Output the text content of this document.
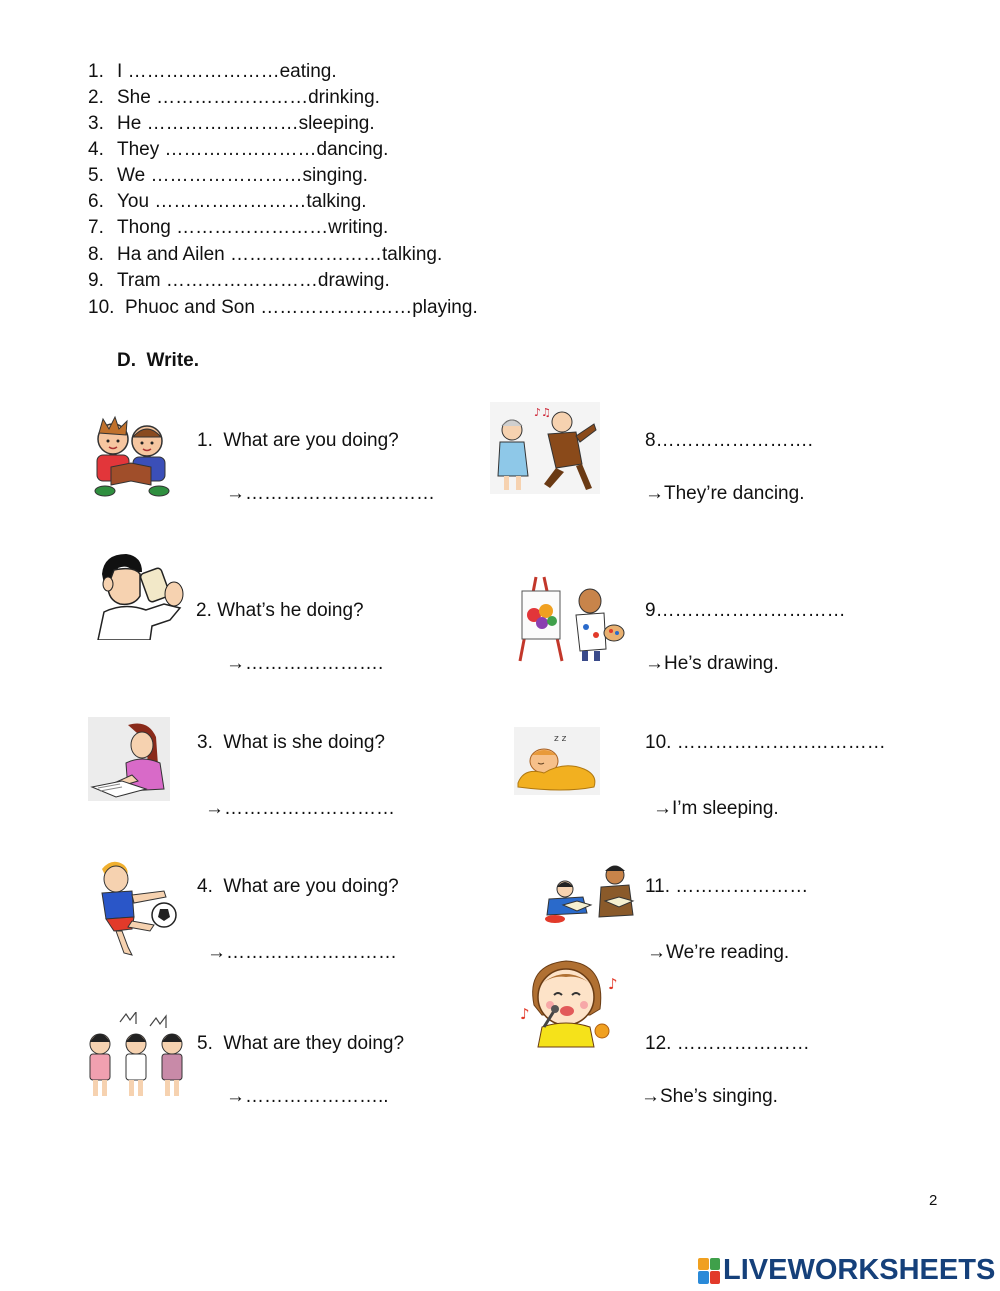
1. I ……………………eating.
2. She ……………………drinking.
3. He ……………………sleeping.
4. They ……………………dancing.
5. We ……………………singing.
6. You ……………………talking.
7. Thong ……………………writing.
8. Ha and Ailen ……………………talking.
9. Tram ……………………drawing.
10. Phuoc and Son ……………………playing.
D.  Write.
1.  What are you doing?
→…………………………
2. What’s he doing?
→………………….
3.  What is she doing?
→………………………
4.  What are you doing?
→………………………
5.  What are they doing?
→…………………..
♪♫
8…………………….
→They’re dancing.
9…………………………
→He’s drawing.
z z	10. ……………………………
→I’m sleeping.
11. …………………
→We’re reading.
♪
♪
12. …………………
→She’s singing.
2
LIVEWORKSHEETS
